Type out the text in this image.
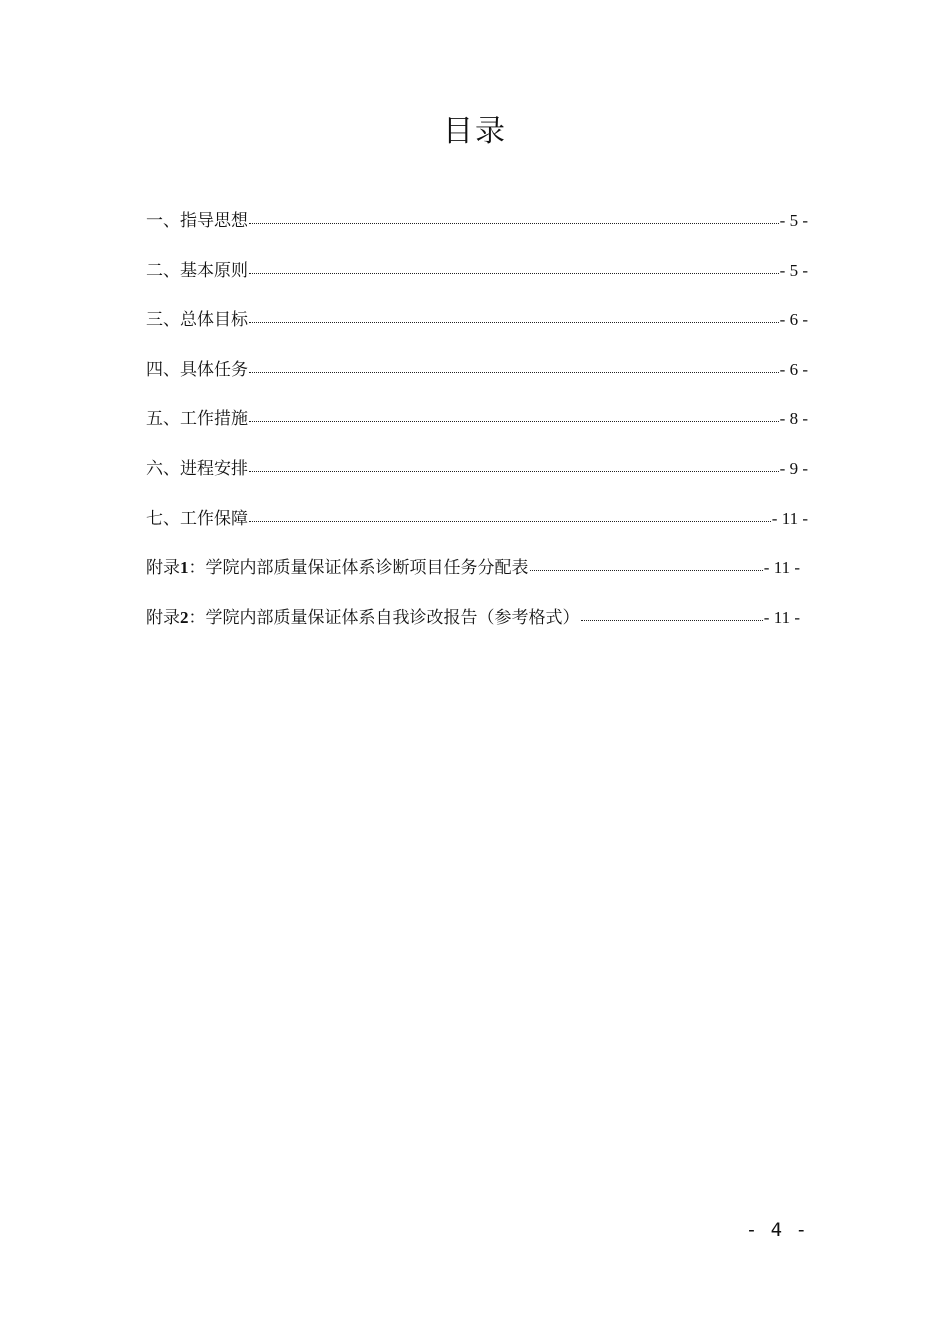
目录
一、指导思想	- 5 -
二、基本原则	- 5 -
三、总体目标	- 6 -
四、具体任务	- 6 -
五、工作措施	- 8 -
六、进程安排	- 9 -
七、工作保障	- 11 -
附录1：学院内部质量保证体系诊断项目任务分配表	- 11 -
附录2：学院内部质量保证体系自我诊改报告（参考格式）	- 11 -
- 4 -
